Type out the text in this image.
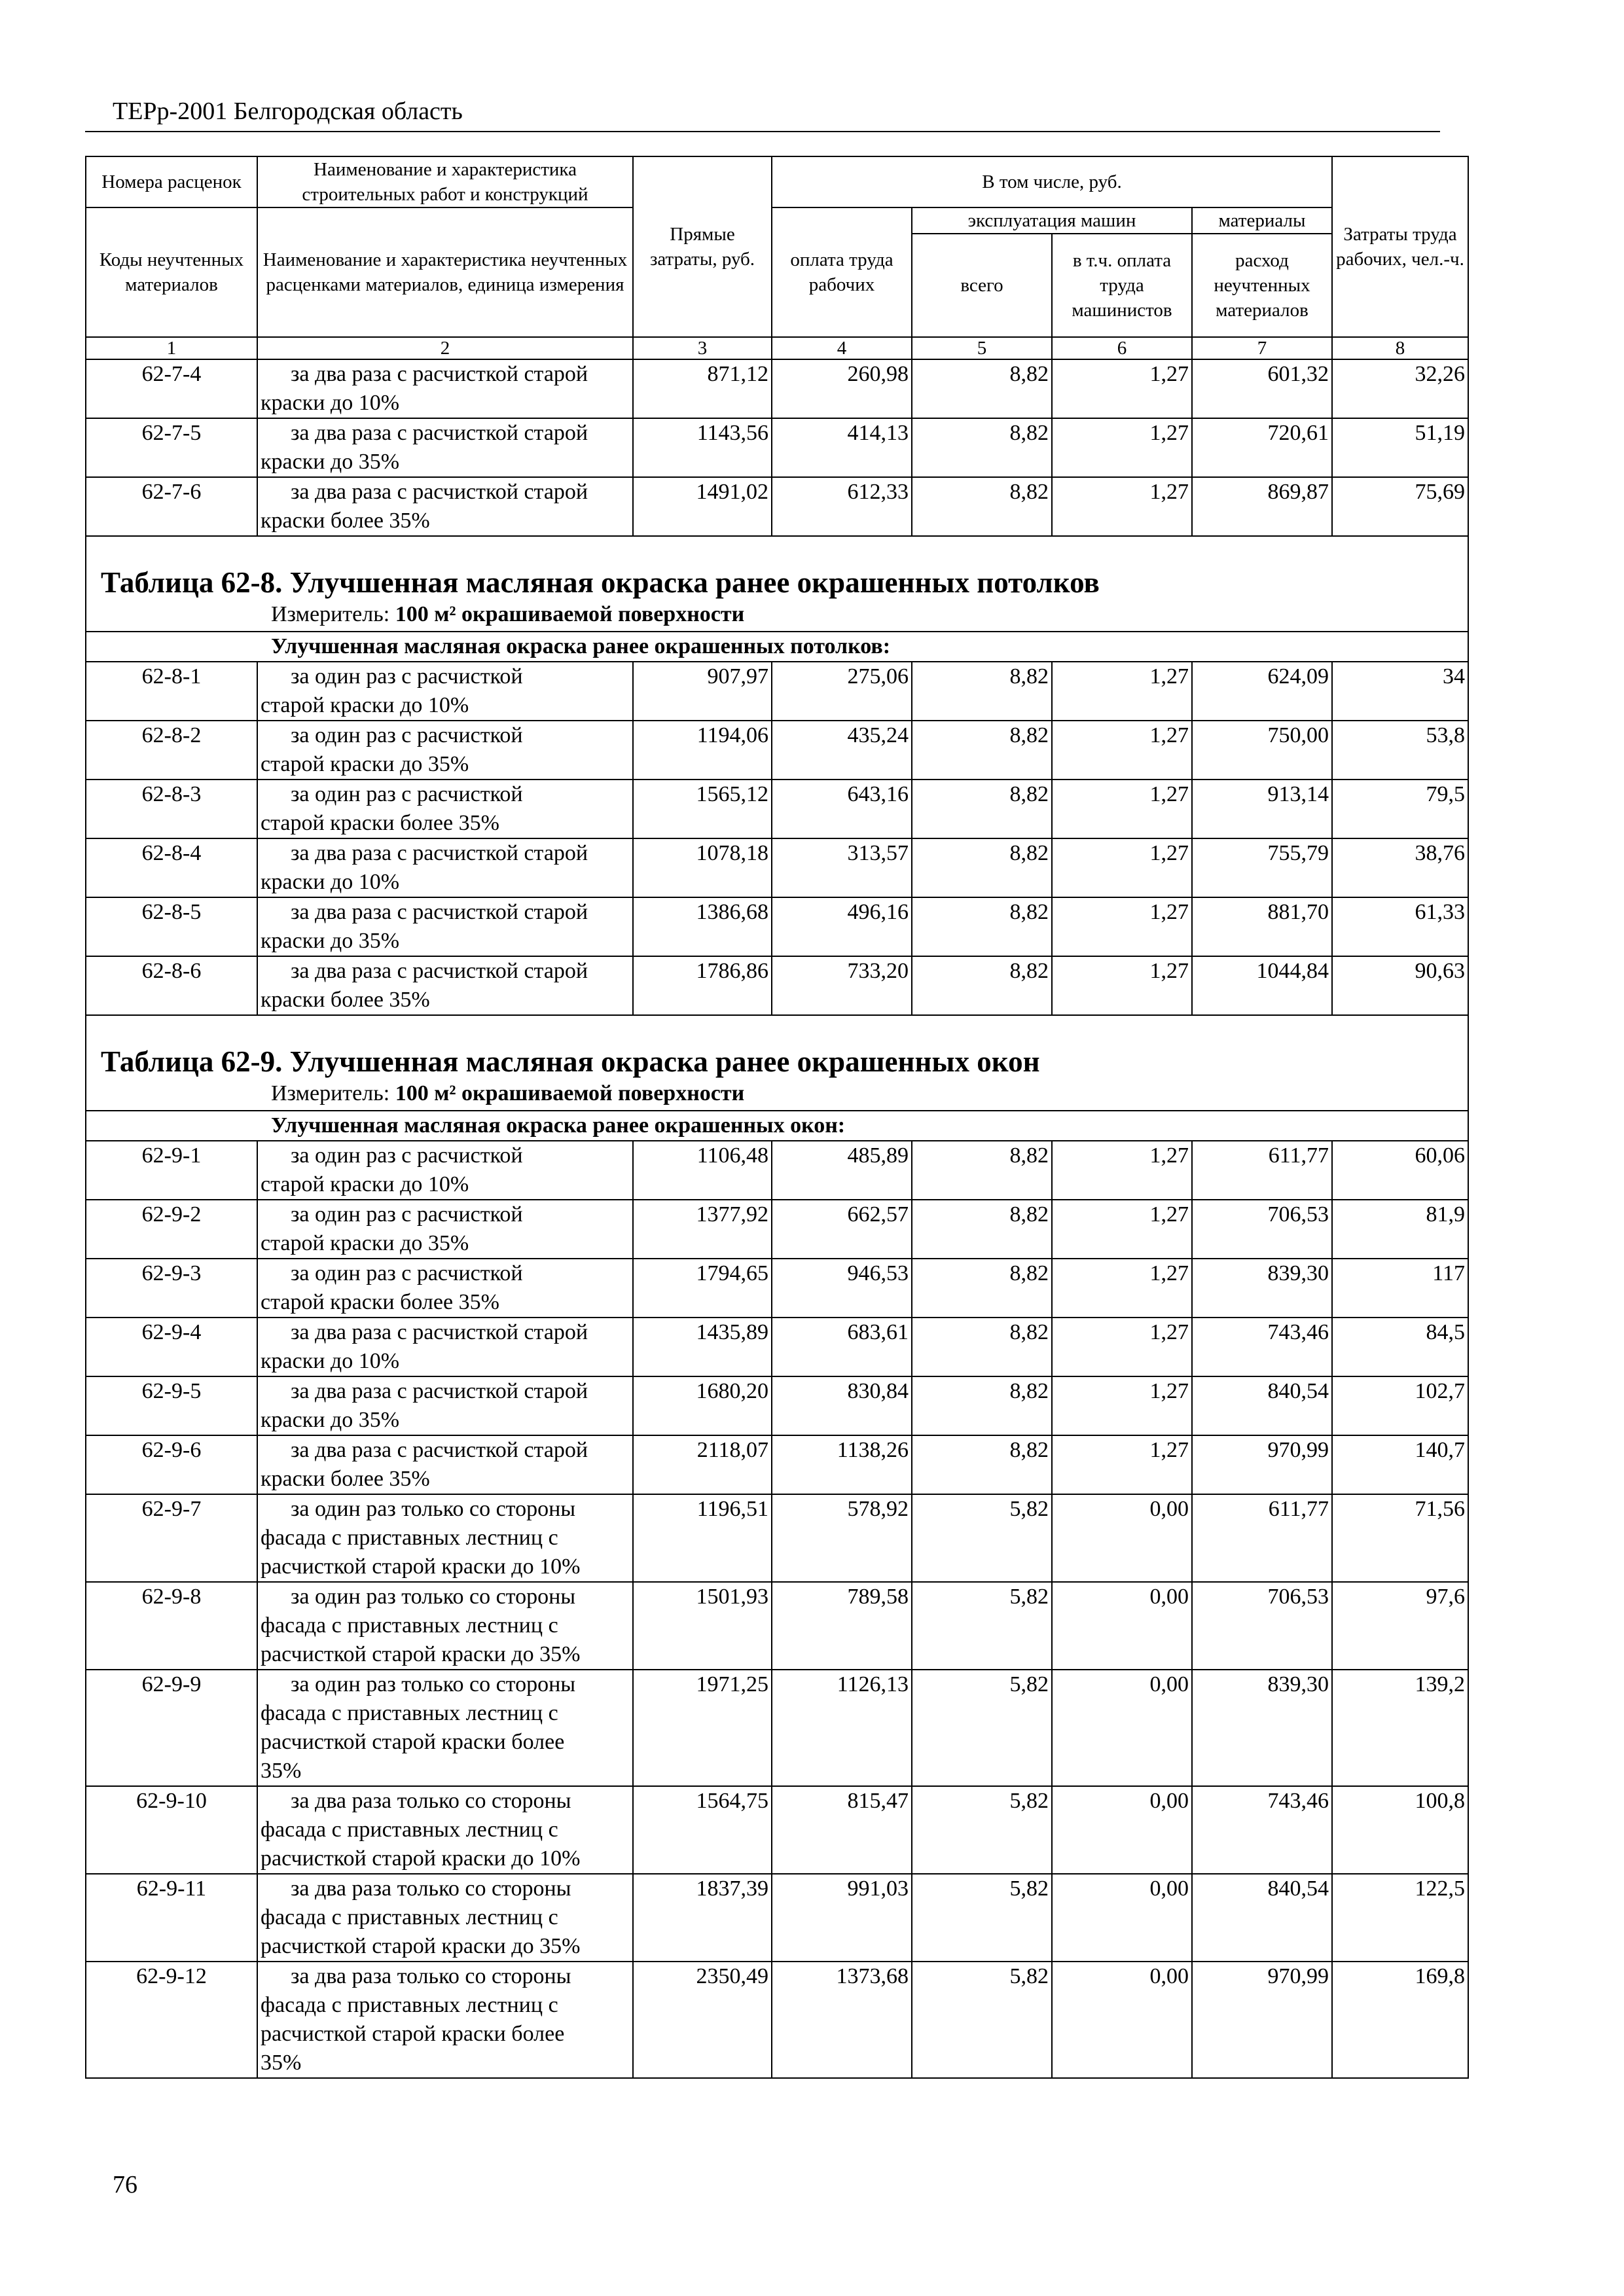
ТЕРр-2001 Белгородская область
Номера расценок	Наименование и характеристика строительных работ и конструкций	Прямые затраты, руб.	В том числе, руб.				Затраты труда рабочих, чел.-ч.
Коды неучтенных материалов	Наименование и характеристика неучтенных расценками материалов, единица измерения		оплата труда рабочих	эксплуатация машин		материалы	
				всего	в т.ч. оплата труда машинистов	расход неучтенных материалов	
1	2	3	4	5	6	7	8
62-7-4	за два раза с расчисткой старой
краски до 10%	871,12	260,98	8,82	1,27	601,32	32,26
62-7-5	за два раза с расчисткой старой
краски до 35%	1143,56	414,13	8,82	1,27	720,61	51,19
62-7-6	за два раза с расчисткой старой
краски более 35%	1491,02	612,33	8,82	1,27	869,87	75,69

Таблица 62-8. Улучшенная масляная окраска ранее окрашенных потолков
Измеритель: 100 м² окрашиваемой поверхности							

Улучшенная масляная окраска ранее окрашенных потолков:							
62-8-1	за один раз с расчисткой
старой краски до 10%	907,97	275,06	8,82	1,27	624,09	34
62-8-2	за один раз с расчисткой
старой краски до 35%	1194,06	435,24	8,82	1,27	750,00	53,8
62-8-3	за один раз с расчисткой
старой краски более 35%	1565,12	643,16	8,82	1,27	913,14	79,5
62-8-4	за два раза с расчисткой старой
краски до 10%	1078,18	313,57	8,82	1,27	755,79	38,76
62-8-5	за два раза с расчисткой старой
краски до 35%	1386,68	496,16	8,82	1,27	881,70	61,33
62-8-6	за два раза с расчисткой старой
краски более 35%	1786,86	733,20	8,82	1,27	1044,84	90,63

Таблица 62-9. Улучшенная масляная окраска ранее окрашенных окон
Измеритель: 100 м² окрашиваемой поверхности							

Улучшенная масляная окраска ранее окрашенных окон:							
62-9-1	за один раз с расчисткой
старой краски до 10%	1106,48	485,89	8,82	1,27	611,77	60,06
62-9-2	за один раз с расчисткой
старой краски до 35%	1377,92	662,57	8,82	1,27	706,53	81,9
62-9-3	за один раз с расчисткой
старой краски более 35%	1794,65	946,53	8,82	1,27	839,30	117
62-9-4	за два раза с расчисткой старой
краски до 10%	1435,89	683,61	8,82	1,27	743,46	84,5
62-9-5	за два раза с расчисткой старой
краски до 35%	1680,20	830,84	8,82	1,27	840,54	102,7
62-9-6	за два раза с расчисткой старой
краски более 35%	2118,07	1138,26	8,82	1,27	970,99	140,7
62-9-7	за один раз только со стороны
фасада с приставных лестниц с
расчисткой старой краски до 10%	1196,51	578,92	5,82	0,00	611,77	71,56
62-9-8	за один раз только со стороны
фасада с приставных лестниц с
расчисткой старой краски до 35%	1501,93	789,58	5,82	0,00	706,53	97,6
62-9-9	за один раз только со стороны
фасада с приставных лестниц с
расчисткой старой краски более
35%	1971,25	1126,13	5,82	0,00	839,30	139,2
62-9-10	за два раза только со стороны
фасада с приставных лестниц с
расчисткой старой краски до 10%	1564,75	815,47	5,82	0,00	743,46	100,8
62-9-11	за два раза только со стороны
фасада с приставных лестниц с
расчисткой старой краски до 35%	1837,39	991,03	5,82	0,00	840,54	122,5
62-9-12	за два раза только со стороны
фасада с приставных лестниц с
расчисткой старой краски более
35%	2350,49	1373,68	5,82	0,00	970,99	169,8
76
